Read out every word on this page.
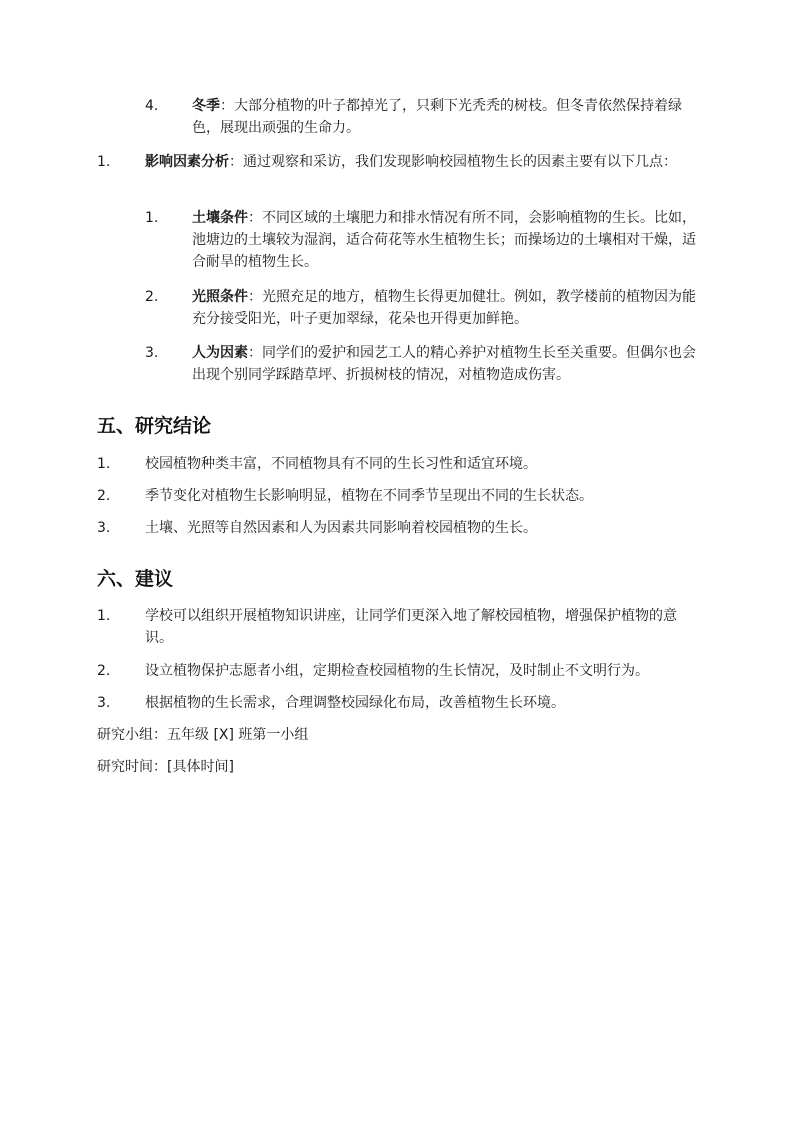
4.	冬季：大部分植物的叶子都掉光了，只剩下光秃秃的树枝。但冬青依然保持着绿色，展现出顽强的生命力。

1.	影响因素分析：通过观察和采访，我们发现影响校园植物生长的因素主要有以下几点：

1.	土壤条件：不同区域的土壤肥力和排水情况有所不同，会影响植物的生长。比如，池塘边的土壤较为湿润，适合荷花等水生植物生长；而操场边的土壤相对干燥，适合耐旱的植物生长。

2.	光照条件：光照充足的地方，植物生长得更加健壮。例如，教学楼前的植物因为能充分接受阳光，叶子更加翠绿，花朵也开得更加鲜艳。

3.	人为因素：同学们的爱护和园艺工人的精心养护对植物生长至关重要。但偶尔也会出现个别同学踩踏草坪、折损树枝的情况，对植物造成伤害。

五、研究结论
1.	校园植物种类丰富，不同植物具有不同的生长习性和适宜环境。

2.	季节变化对植物生长影响明显，植物在不同季节呈现出不同的生长状态。

3.	土壤、光照等自然因素和人为因素共同影响着校园植物的生长。

六、建议
1.	学校可以组织开展植物知识讲座，让同学们更深入地了解校园植物，增强保护植物的意识。

2.	设立植物保护志愿者小组，定期检查校园植物的生长情况，及时制止不文明行为。

3.	根据植物的生长需求，合理调整校园绿化布局，改善植物生长环境。

研究小组：五年级 [X] 班第一小组

研究时间：[具体时间]
